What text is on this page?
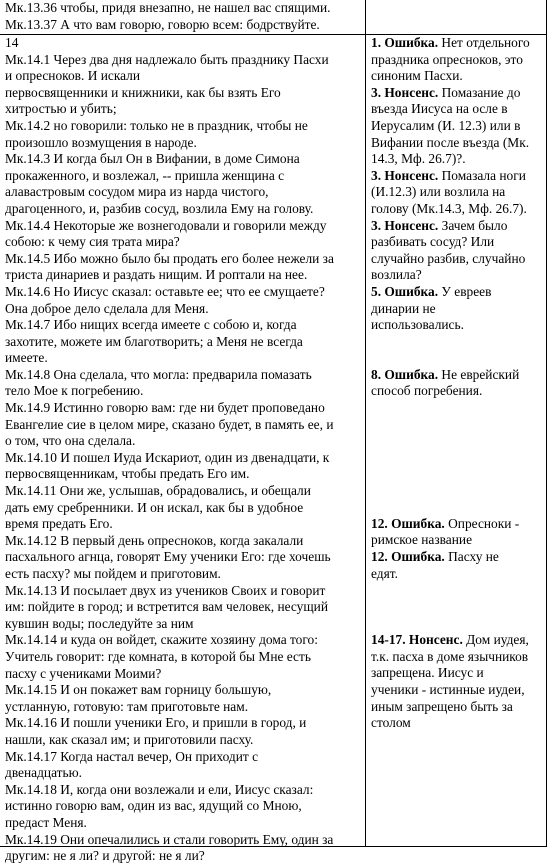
Мк.13.36 чтобы, придя внезапно, не нашел вас спящими.
Мк.13.37 А что вам говорю, говорю всем: бодрствуйте.
14
Мк.14.1 Через два дня надлежало быть празднику Пасхи
и опресноков. И искали
первосвященники и книжники, как бы взять Его
хитростью и убить;
Мк.14.2 но говорили: только не в праздник, чтобы не
произошло возмущения в народе.
Мк.14.3 И когда был Он в Вифании, в доме Симона
прокаженного, и возлежал, -- пришла женщина с
алавастровым сосудом мира из нарда чистого,
драгоценного, и, разбив сосуд, возлила Ему на голову.
Мк.14.4 Некоторые же вознегодовали и говорили между
собою: к чему сия трата мира?
Мк.14.5 Ибо можно было бы продать его более нежели за
триста динариев и раздать нищим. И роптали на нее.
Мк.14.6 Но Иисус сказал: оставьте ее; что ее смущаете?
Она доброе дело сделала для Меня.
Мк.14.7 Ибо нищих всегда имеете с собою и, когда
захотите, можете им благотворить; а Меня не всегда
имеете.
Мк.14.8 Она сделала, что могла: предварила помазать
тело Мое к погребению.
Мк.14.9 Истинно говорю вам: где ни будет проповедано
Евангелие сие в целом мире, сказано будет, в память ее, и
о том, что она сделала.
Мк.14.10 И пошел Иуда Искариот, один из двенадцати, к
первосвященникам, чтобы предать Его им.
Мк.14.11 Они же, услышав, обрадовались, и обещали
дать ему сребренники. И он искал, как бы в удобное
время предать Его.
Мк.14.12 В первый день опресноков, когда закалали
пасхального агнца, говорят Ему ученики Его: где хочешь
есть пасху? мы пойдем и приготовим.
Мк.14.13 И посылает двух из учеников Своих и говорит
им: пойдите в город; и встретится вам человек, несущий
кувшин воды; последуйте за ним
Мк.14.14 и куда он войдет, скажите хозяину дома того:
Учитель говорит: где комната, в которой бы Мне есть
пасху с учениками Моими?
Мк.14.15 И он покажет вам горницу большую,
устланную, готовую: там приготовьте нам.
Мк.14.16 И пошли ученики Его, и пришли в город, и
нашли, как сказал им; и приготовили пасху.
Мк.14.17 Когда настал вечер, Он приходит с
двенадцатью.
Мк.14.18 И, когда они возлежали и ели, Иисус сказал:
истинно говорю вам, один из вас, ядущий со Мною,
предаст Меня.
Мк.14.19 Они опечалились и стали говорить Ему, один за
другим: не я ли? и другой: не я ли?
1. Ошибка. Нет отдельного
праздника опресноков, это
синоним Пасхи.
3. Нонсенс. Помазание до
въезда Иисуса на осле в
Иерусалим (И. 12.3) или в
Вифании после въезда (Мк.
14.3, Мф. 26.7)?.
3. Нонсенс. Помазала ноги
(И.12.3) или возлила на
голову (Мк.14.3, Мф. 26.7).
3. Нонсенс. Зачем было
разбивать сосуд? Или
случайно разбив, случайно
возлила?
5. Ошибка. У евреев
динарии не
использовались.
8. Ошибка. Не еврейский
способ погребения.
12. Ошибка. Опресноки -
римское название
12. Ошибка. Пасху не
едят.
14-17. Нонсенс. Дом иудея,
т.к. пасха в доме язычников
запрещена. Иисус и
ученики - истинные иудеи,
иным запрещено быть за
столом
